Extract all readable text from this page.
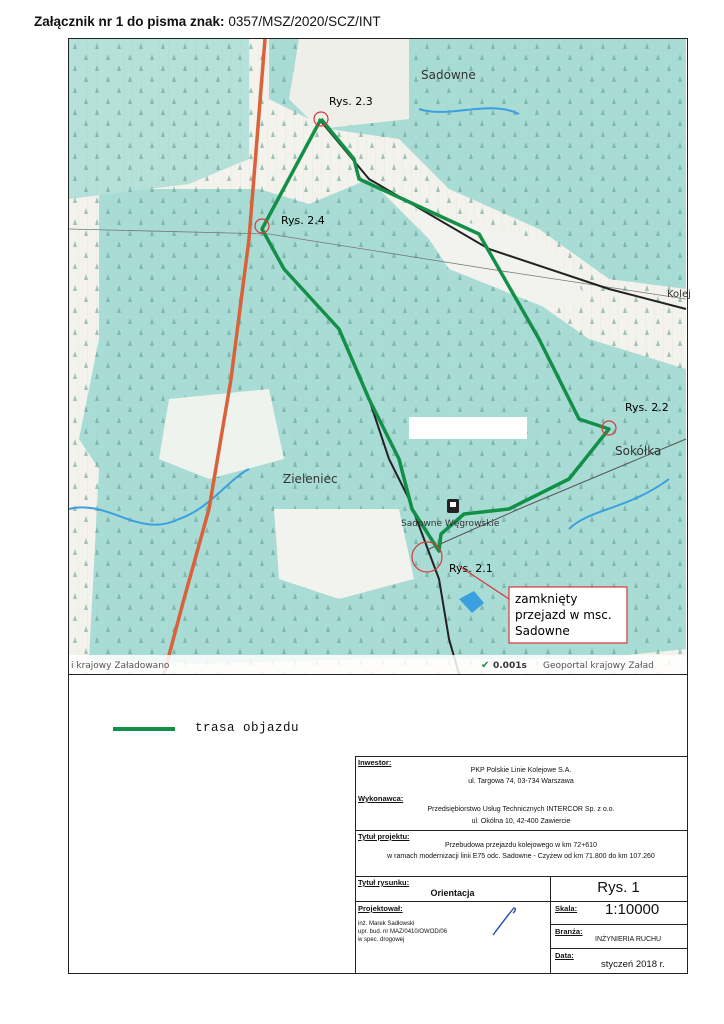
Załącznik nr 1 do pisma znak: 0357/MSZ/2020/SCZ/INT
Rys. 2.3
Rys. 2.4
Rys. 2.2
Rys. 2.1
Sadowne
Sokółka
Zieleniec
Sadowne Węgrowskie
Kolej
zamknięty
przejazd w msc.
Sadowne
i krajowy Załadowano	✔ 0.001s Geoportal krajowy Załad
trasa objazdu
Inwestor:
PKP Polskie Linie Kolejowe S.A.
ul. Targowa 74, 03-734 Warszawa
Wykonawca:
Przedsiębiorstwo Usług Technicznych INTERCOR Sp. z o.o.
ul. Okólna 10, 42-400 Zawiercie
Tytuł projektu:
Przebudowa przejazdu kolejowego w km 72+610
w ramach modernizacji linii E75 odc. Sadowne - Czyżew od km 71.800 do km 107.260
Tytuł rysunku:
Orientacja	Rys. 1
Projektował:
inż. Marek Sadłowski
upr. bud. nr MAZ/0410/OWOD/06
w spec. drogowej
Skala: 1:10000
Branża:
INŻYNIERIA RUCHU
Data:
styczeń 2018 r.
